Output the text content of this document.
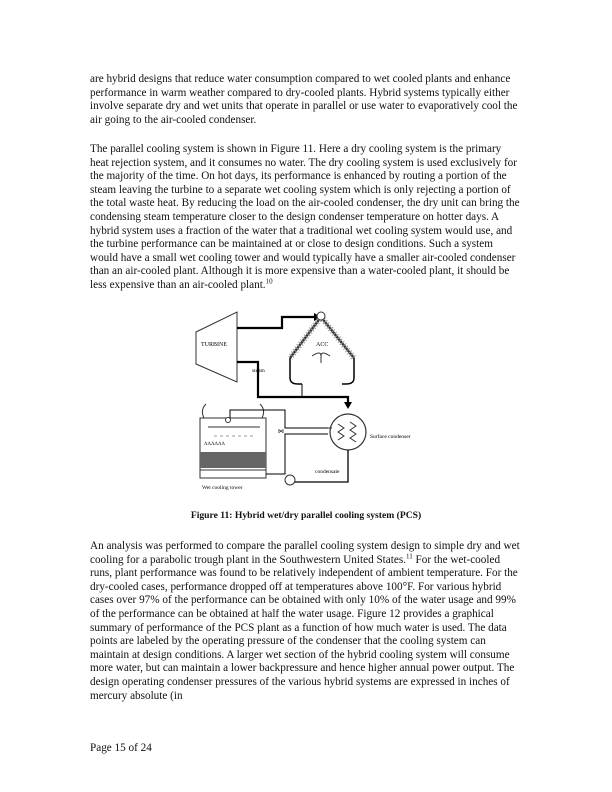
are hybrid designs that reduce water consumption compared to wet cooled plants and enhance performance in warm weather compared to dry-cooled plants. Hybrid systems typically either involve separate dry and wet units that operate in parallel or use water to evaporatively cool the air going to the air-cooled condenser.

The parallel cooling system is shown in Figure 11. Here a dry cooling system is the primary heat rejection system, and it consumes no water. The dry cooling system is used exclusively for the majority of the time. On hot days, its performance is enhanced by routing a portion of the steam leaving the turbine to a separate wet cooling system which is only rejecting a portion of the total waste heat. By reducing the load on the air-cooled condenser, the dry unit can bring the condensing steam temperature closer to the design condenser temperature on hotter days. A hybrid system uses a fraction of the water that a traditional wet cooling system would use, and the turbine performance can be maintained at or close to design conditions. Such a system would have a small wet cooling tower and would typically have a smaller air-cooled condenser than an air-cooled plant. Although it is more expensive than a water-cooled plant, it should be less expensive than an air-cooled plant.$^{10}$

TURBINE
steam
ACC
ʌʌʌʌʌʌ
Wet cooling tower
⋈
Surface condenser
condensate
Figure 11: Hybrid wet/dry parallel cooling system (PCS)

An analysis was performed to compare the parallel cooling system design to simple dry and wet cooling for a parabolic trough plant in the Southwestern United States.$^{11}$ For the wet-cooled runs, plant performance was found to be relatively independent of ambient temperature. For the dry-cooled cases, performance dropped off at temperatures above 100°F. For various hybrid cases over 97% of the performance can be obtained with only 10% of the water usage and 99% of the performance can be obtained at half the water usage. Figure 12 provides a graphical summary of performance of the PCS plant as a function of how much water is used. The data points are labeled by the operating pressure of the condenser that the cooling system can maintain at design conditions. A larger wet section of the hybrid cooling system will consume more water, but can maintain a lower backpressure and hence higher annual power output. The design operating condenser pressures of the various hybrid systems are expressed in inches of mercury absolute (in

Page 15 of 24
